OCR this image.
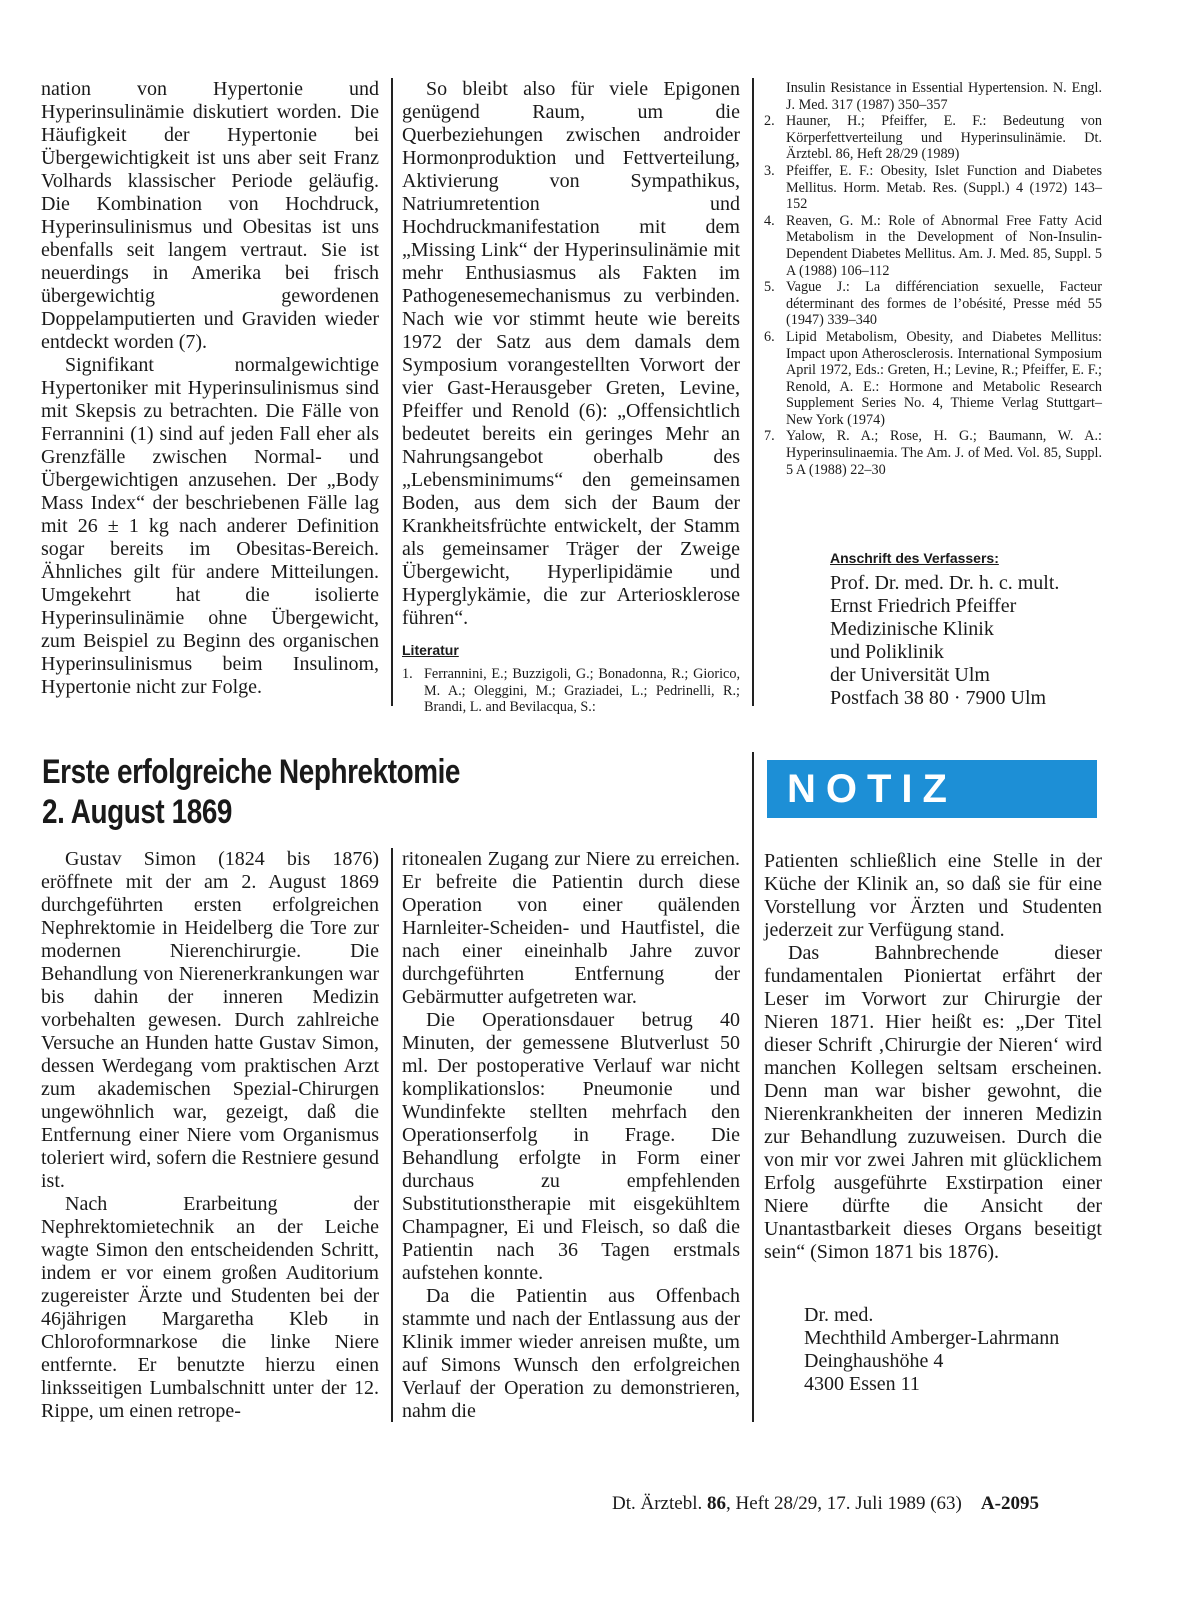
nation von Hypertonie und Hyperinsulinämie diskutiert worden. Die Häufigkeit der Hypertonie bei Übergewichtigkeit ist uns aber seit Franz Volhards klassischer Periode geläufig. Die Kombination von Hochdruck, Hyperinsulinismus und Obesitas ist uns ebenfalls seit langem vertraut. Sie ist neuerdings in Amerika bei frisch übergewichtig gewordenen Doppelamputierten und Graviden wieder entdeckt worden (7).

Signifikant normalgewichtige Hypertoniker mit Hyperinsulinismus sind mit Skepsis zu betrachten. Die Fälle von Ferrannini (1) sind auf jeden Fall eher als Grenzfälle zwischen Normal- und Übergewichtigen anzusehen. Der „Body Mass Index“ der beschriebenen Fälle lag mit 26 ± 1 kg nach anderer Definition sogar bereits im Obesitas-Bereich. Ähnliches gilt für andere Mitteilungen. Umgekehrt hat die isolierte Hyperinsulinämie ohne Übergewicht, zum Beispiel zu Beginn des organischen Hyperinsulinismus beim Insulinom, Hypertonie nicht zur Folge.

So bleibt also für viele Epigonen genügend Raum, um die Querbeziehungen zwischen androider Hormonproduktion und Fettverteilung, Aktivierung von Sympathikus, Natriumretention und Hochdruckmanifestation mit dem „Missing Link“ der Hyperinsulinämie mit mehr Enthusiasmus als Fakten im Pathogenesemechanismus zu verbinden. Nach wie vor stimmt heute wie bereits 1972 der Satz aus dem damals dem Symposium vorangestellten Vorwort der vier Gast-Herausgeber Greten, Levine, Pfeiffer und Renold (6): „Offensichtlich bedeutet bereits ein geringes Mehr an Nahrungsangebot oberhalb des „Lebensminimums“ den gemeinsamen Boden, aus dem sich der Baum der Krankheitsfrüchte entwickelt, der Stamm als gemeinsamer Träger der Zweige Übergewicht, Hyperlipidämie und Hyperglykämie, die zur Arteriosklerose führen“.

Literatur

1. Ferrannini, E.; Buzzigoli, G.; Bonadonna, R.; Giorico, M. A.; Oleggini, M.; Graziadei, L.; Pedrinelli, R.; Brandi, L. and Bevilacqua, S.:
Insulin Resistance in Essential Hypertension. N. Engl. J. Med. 317 (1987) 350–357
2. Hauner, H.; Pfeiffer, E. F.: Bedeutung von Körperfettverteilung und Hyperinsulinämie. Dt. Ärztebl. 86, Heft 28/29 (1989)
3. Pfeiffer, E. F.: Obesity, Islet Function and Diabetes Mellitus. Horm. Metab. Res. (Suppl.) 4 (1972) 143–152
4. Reaven, G. M.: Role of Abnormal Free Fatty Acid Metabolism in the Development of Non-Insulin-Dependent Diabetes Mellitus. Am. J. Med. 85, Suppl. 5 A (1988) 106–112
5. Vague J.: La différenciation sexuelle, Facteur déterminant des formes de l’obésité, Presse méd 55 (1947) 339–340
6. Lipid Metabolism, Obesity, and Diabetes Mellitus: Impact upon Atherosclerosis. International Symposium April 1972, Eds.: Greten, H.; Levine, R.; Pfeiffer, E. F.; Renold, A. E.: Hormone and Metabolic Research Supplement Series No. 4, Thieme Verlag Stuttgart–New York (1974)
7. Yalow, R. A.; Rose, H. G.; Baumann, W. A.: Hyperinsulinaemia. The Am. J. of Med. Vol. 85, Suppl. 5 A (1988) 22–30

Anschrift des Verfassers:

Prof. Dr. med. Dr. h. c. mult.

Ernst Friedrich Pfeiffer

Medizinische Klinik

und Poliklinik

der Universität Ulm

Postfach 38 80 · 7900 Ulm

Erste erfolgreiche Nephrektomie
2. August 1869
NOTIZ

Gustav Simon (1824 bis 1876) eröffnete mit der am 2. August 1869 durchgeführten ersten erfolgreichen Nephrektomie in Heidelberg die Tore zur modernen Nierenchirurgie. Die Behandlung von Nierenerkrankungen war bis dahin der inneren Medizin vorbehalten gewesen. Durch zahlreiche Versuche an Hunden hatte Gustav Simon, dessen Werdegang vom praktischen Arzt zum akademischen Spezial-Chirurgen ungewöhnlich war, gezeigt, daß die Entfernung einer Niere vom Organismus toleriert wird, sofern die Restniere gesund ist.

Nach Erarbeitung der Nephrektomietechnik an der Leiche wagte Simon den entscheidenden Schritt, indem er vor einem großen Auditorium zugereister Ärzte und Studenten bei der 46jährigen Margaretha Kleb in Chloroformnarkose die linke Niere entfernte. Er benutzte hierzu einen linksseitigen Lumbalschnitt unter der 12. Rippe, um einen retrope-

ritonealen Zugang zur Niere zu erreichen. Er befreite die Patientin durch diese Operation von einer quälenden Harnleiter-Scheiden- und Hautfistel, die nach einer eineinhalb Jahre zuvor durchgeführten Entfernung der Gebärmutter aufgetreten war.

Die Operationsdauer betrug 40 Minuten, der gemessene Blutverlust 50 ml. Der postoperative Verlauf war nicht komplikationslos: Pneumonie und Wundinfekte stellten mehrfach den Operationserfolg in Frage. Die Behandlung erfolgte in Form einer durchaus zu empfehlenden Substitutionstherapie mit eisgekühltem Champagner, Ei und Fleisch, so daß die Patientin nach 36 Tagen erstmals aufstehen konnte.

Da die Patientin aus Offenbach stammte und nach der Entlassung aus der Klinik immer wieder anreisen mußte, um auf Simons Wunsch den erfolgreichen Verlauf der Operation zu demonstrieren, nahm die

Patienten schließlich eine Stelle in der Küche der Klinik an, so daß sie für eine Vorstellung vor Ärzten und Studenten jederzeit zur Verfügung stand.

Das Bahnbrechende dieser fundamentalen Pioniertat erfährt der Leser im Vorwort zur Chirurgie der Nieren 1871. Hier heißt es: „Der Titel dieser Schrift ‚Chirurgie der Nieren‘ wird manchen Kollegen seltsam erscheinen. Denn man war bisher gewohnt, die Nierenkrankheiten der inneren Medizin zur Behandlung zuzuweisen. Durch die von mir vor zwei Jahren mit glücklichem Erfolg ausgeführte Exstirpation einer Niere dürfte die Ansicht der Unantastbarkeit dieses Organs beseitigt sein“ (Simon 1871 bis 1876).

Dr. med.

Mechthild Amberger-Lahrmann

Deinghaushöhe 4

4300 Essen 11

Dt. Ärztebl. 86, Heft 28/29, 17. Juli 1989 (63) A-2095
